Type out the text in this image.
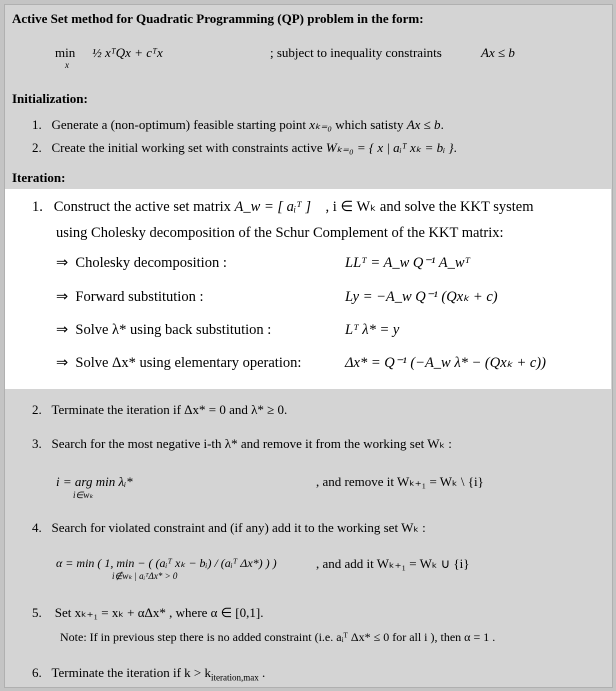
Active Set method for Quadratic Programming (QP) problem in the form:
min
x
½ xᵀQx + cᵀx	; subject to inequality constraints	Ax ≤ b
Initialization:
1. Generate a (non-optimum) feasible starting point xₖ₌₀ which satisty Ax ≤ b.
2. Create the initial working set with constraints active Wₖ₌₀ = { x | aᵢᵀ xₖ = bᵢ }.
Iteration:
1. Construct the active set matrix A_w = [ aᵢᵀ ] , i ∈ Wₖ and solve the KKT system
using Cholesky decomposition of the Schur Complement of the KKT matrix:
⇒ Cholesky decomposition :	LLᵀ = A_w Q⁻¹ A_wᵀ
⇒ Forward substitution :	Ly = −A_w Q⁻¹ (Qxₖ + c)
⇒ Solve λ* using back substitution :	Lᵀ λ* = y
⇒ Solve Δx* using elementary operation:	Δx* = Q⁻¹ (−A_w λ* − (Qxₖ + c))
2. Terminate the iteration if Δx* = 0 and λ* ≥ 0.
3. Search for the most negative i-th λ* and remove it from the working set Wₖ :
i = arg min λᵢ*
i∈wₖ
, and remove it Wₖ₊₁ = Wₖ \ {i}
4. Search for violated constraint and (if any) add it to the working set Wₖ :
α = min ( 1, min − ( (aᵢᵀ xₖ − bᵢ) / (aᵢᵀ Δx*) ) )
i∉wₖ | aᵢᵀΔx* > 0
, and add it Wₖ₊₁ = Wₖ ∪ {i}
5. Set xₖ₊₁ = xₖ + αΔx* , where α ∈ [0,1].
Note: If in previous step there is no added constraint (i.e. aᵢᵀ Δx* ≤ 0 for all i ), then α = 1 .
6. Terminate the iteration if $k > k_{iteration,max}$ .
